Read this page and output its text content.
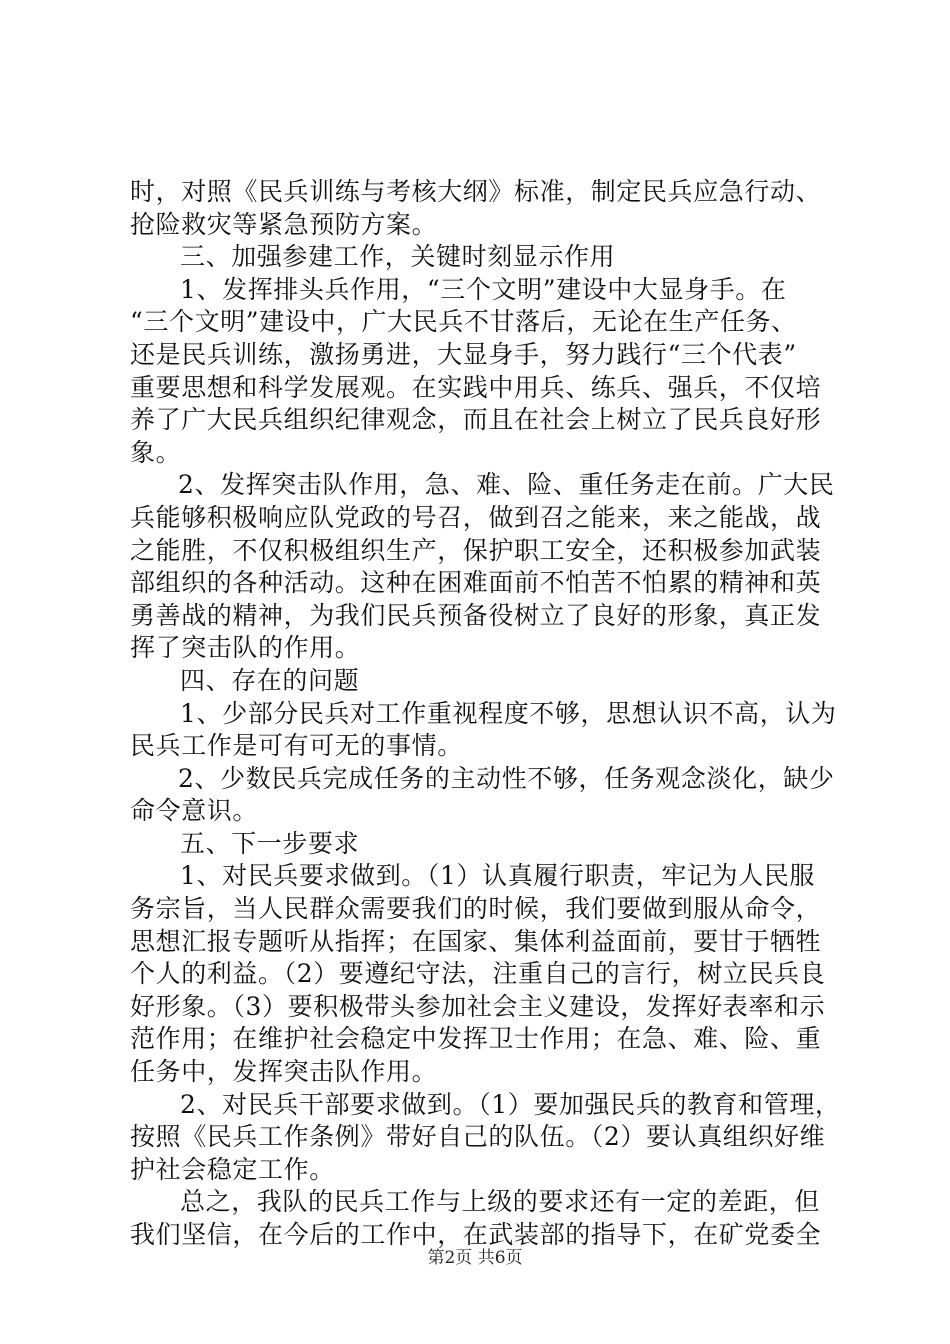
时，对照《民兵训练与考核大纲》标准，制定民兵应急行动、
抢险救灾等紧急预防方案。
三、加强参建工作，关键时刻显示作用
1、发挥排头兵作用，“三个文明”建设中大显身手。在
“三个文明”建设中，广大民兵不甘落后，无论在生产任务、
还是民兵训练，激扬勇进，大显身手，努力践行“三个代表”
重要思想和科学发展观。在实践中用兵、练兵、强兵，不仅培
养了广大民兵组织纪律观念，而且在社会上树立了民兵良好形
象。
2、发挥突击队作用，急、难、险、重任务走在前。广大民
兵能够积极响应队党政的号召，做到召之能来，来之能战，战
之能胜，不仅积极组织生产，保护职工安全，还积极参加武装
部组织的各种活动。这种在困难面前不怕苦不怕累的精神和英
勇善战的精神，为我们民兵预备役树立了良好的形象，真正发
挥了突击队的作用。
四、存在的问题
1、少部分民兵对工作重视程度不够，思想认识不高，认为
民兵工作是可有可无的事情。
2、少数民兵完成任务的主动性不够，任务观念淡化，缺少
命令意识。
五、下一步要求
1、对民兵要求做到。（1）认真履行职责，牢记为人民服
务宗旨，当人民群众需要我们的时候，我们要做到服从命令，
思想汇报专题听从指挥；在国家、集体利益面前，要甘于牺牲
个人的利益。（2）要遵纪守法，注重自己的言行，树立民兵良
好形象。（3）要积极带头参加社会主义建设，发挥好表率和示
范作用；在维护社会稳定中发挥卫士作用；在急、难、险、重
任务中，发挥突击队作用。
2、对民兵干部要求做到。（1）要加强民兵的教育和管理，
按照《民兵工作条例》带好自己的队伍。（2）要认真组织好维
护社会稳定工作。
总之，我队的民兵工作与上级的要求还有一定的差距，但
我们坚信，在今后的工作中，在武装部的指导下，在矿党委全
第2页 共6页
